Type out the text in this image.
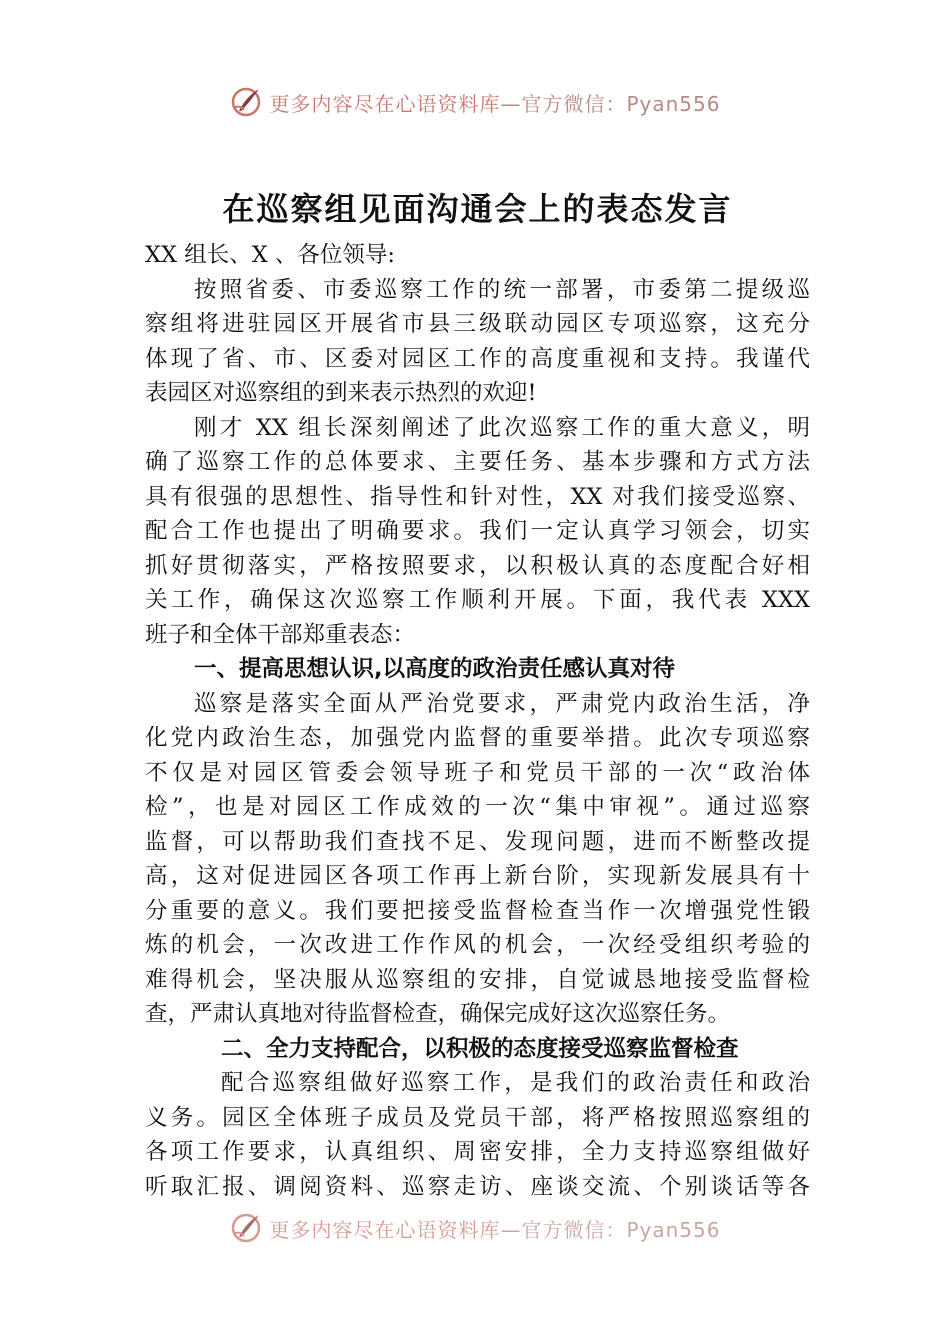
更多内容尽在心语资料库—官方微信：Pyan556
在巡察组见面沟通会上的表态发言
XX 组长、X 、各位领导:
按照省委、市委巡察工作的统一部署，市委第二提级巡
察组将进驻园区开展省市县三级联动园区专项巡察，这充分
体现了省、市、区委对园区工作的高度重视和支持。我谨代
表园区对巡察组的到来表示热烈的欢迎!
刚才 XX 组长深刻阐述了此次巡察工作的重大意义，明
确了巡察工作的总体要求、主要任务、基本步骤和方式方法
具有很强的思想性、指导性和针对性，XX 对我们接受巡察、
配合工作也提出了明确要求。我们一定认真学习领会，切实
抓好贯彻落实，严格按照要求，以积极认真的态度配合好相
关工作，确保这次巡察工作顺利开展。下面，我代表 XXX
班子和全体干部郑重表态：
一、提高思想认识,以高度的政治责任感认真对待
巡察是落实全面从严治党要求，严肃党内政治生活，净
化党内政治生态，加强党内监督的重要举措。此次专项巡察
不仅是对园区管委会领导班子和党员干部的一次“政治体
检”，也是对园区工作成效的一次“集中审视”。通过巡察
监督，可以帮助我们查找不足、发现问题，进而不断整改提
高，这对促进园区各项工作再上新台阶，实现新发展具有十
分重要的意义。我们要把接受监督检查当作一次增强党性锻
炼的机会，一次改进工作作风的机会，一次经受组织考验的
难得机会，坚决服从巡察组的安排，自觉诚恳地接受监督检
查，严肃认真地对待监督检查，确保完成好这次巡察任务。
二、全力支持配合，以积极的态度接受巡察监督检查
配合巡察组做好巡察工作，是我们的政治责任和政治
义务。园区全体班子成员及党员干部，将严格按照巡察组的
各项工作要求，认真组织、周密安排，全力支持巡察组做好
听取汇报、调阅资料、巡察走访、座谈交流、个别谈话等各
更多内容尽在心语资料库—官方微信：Pyan556
